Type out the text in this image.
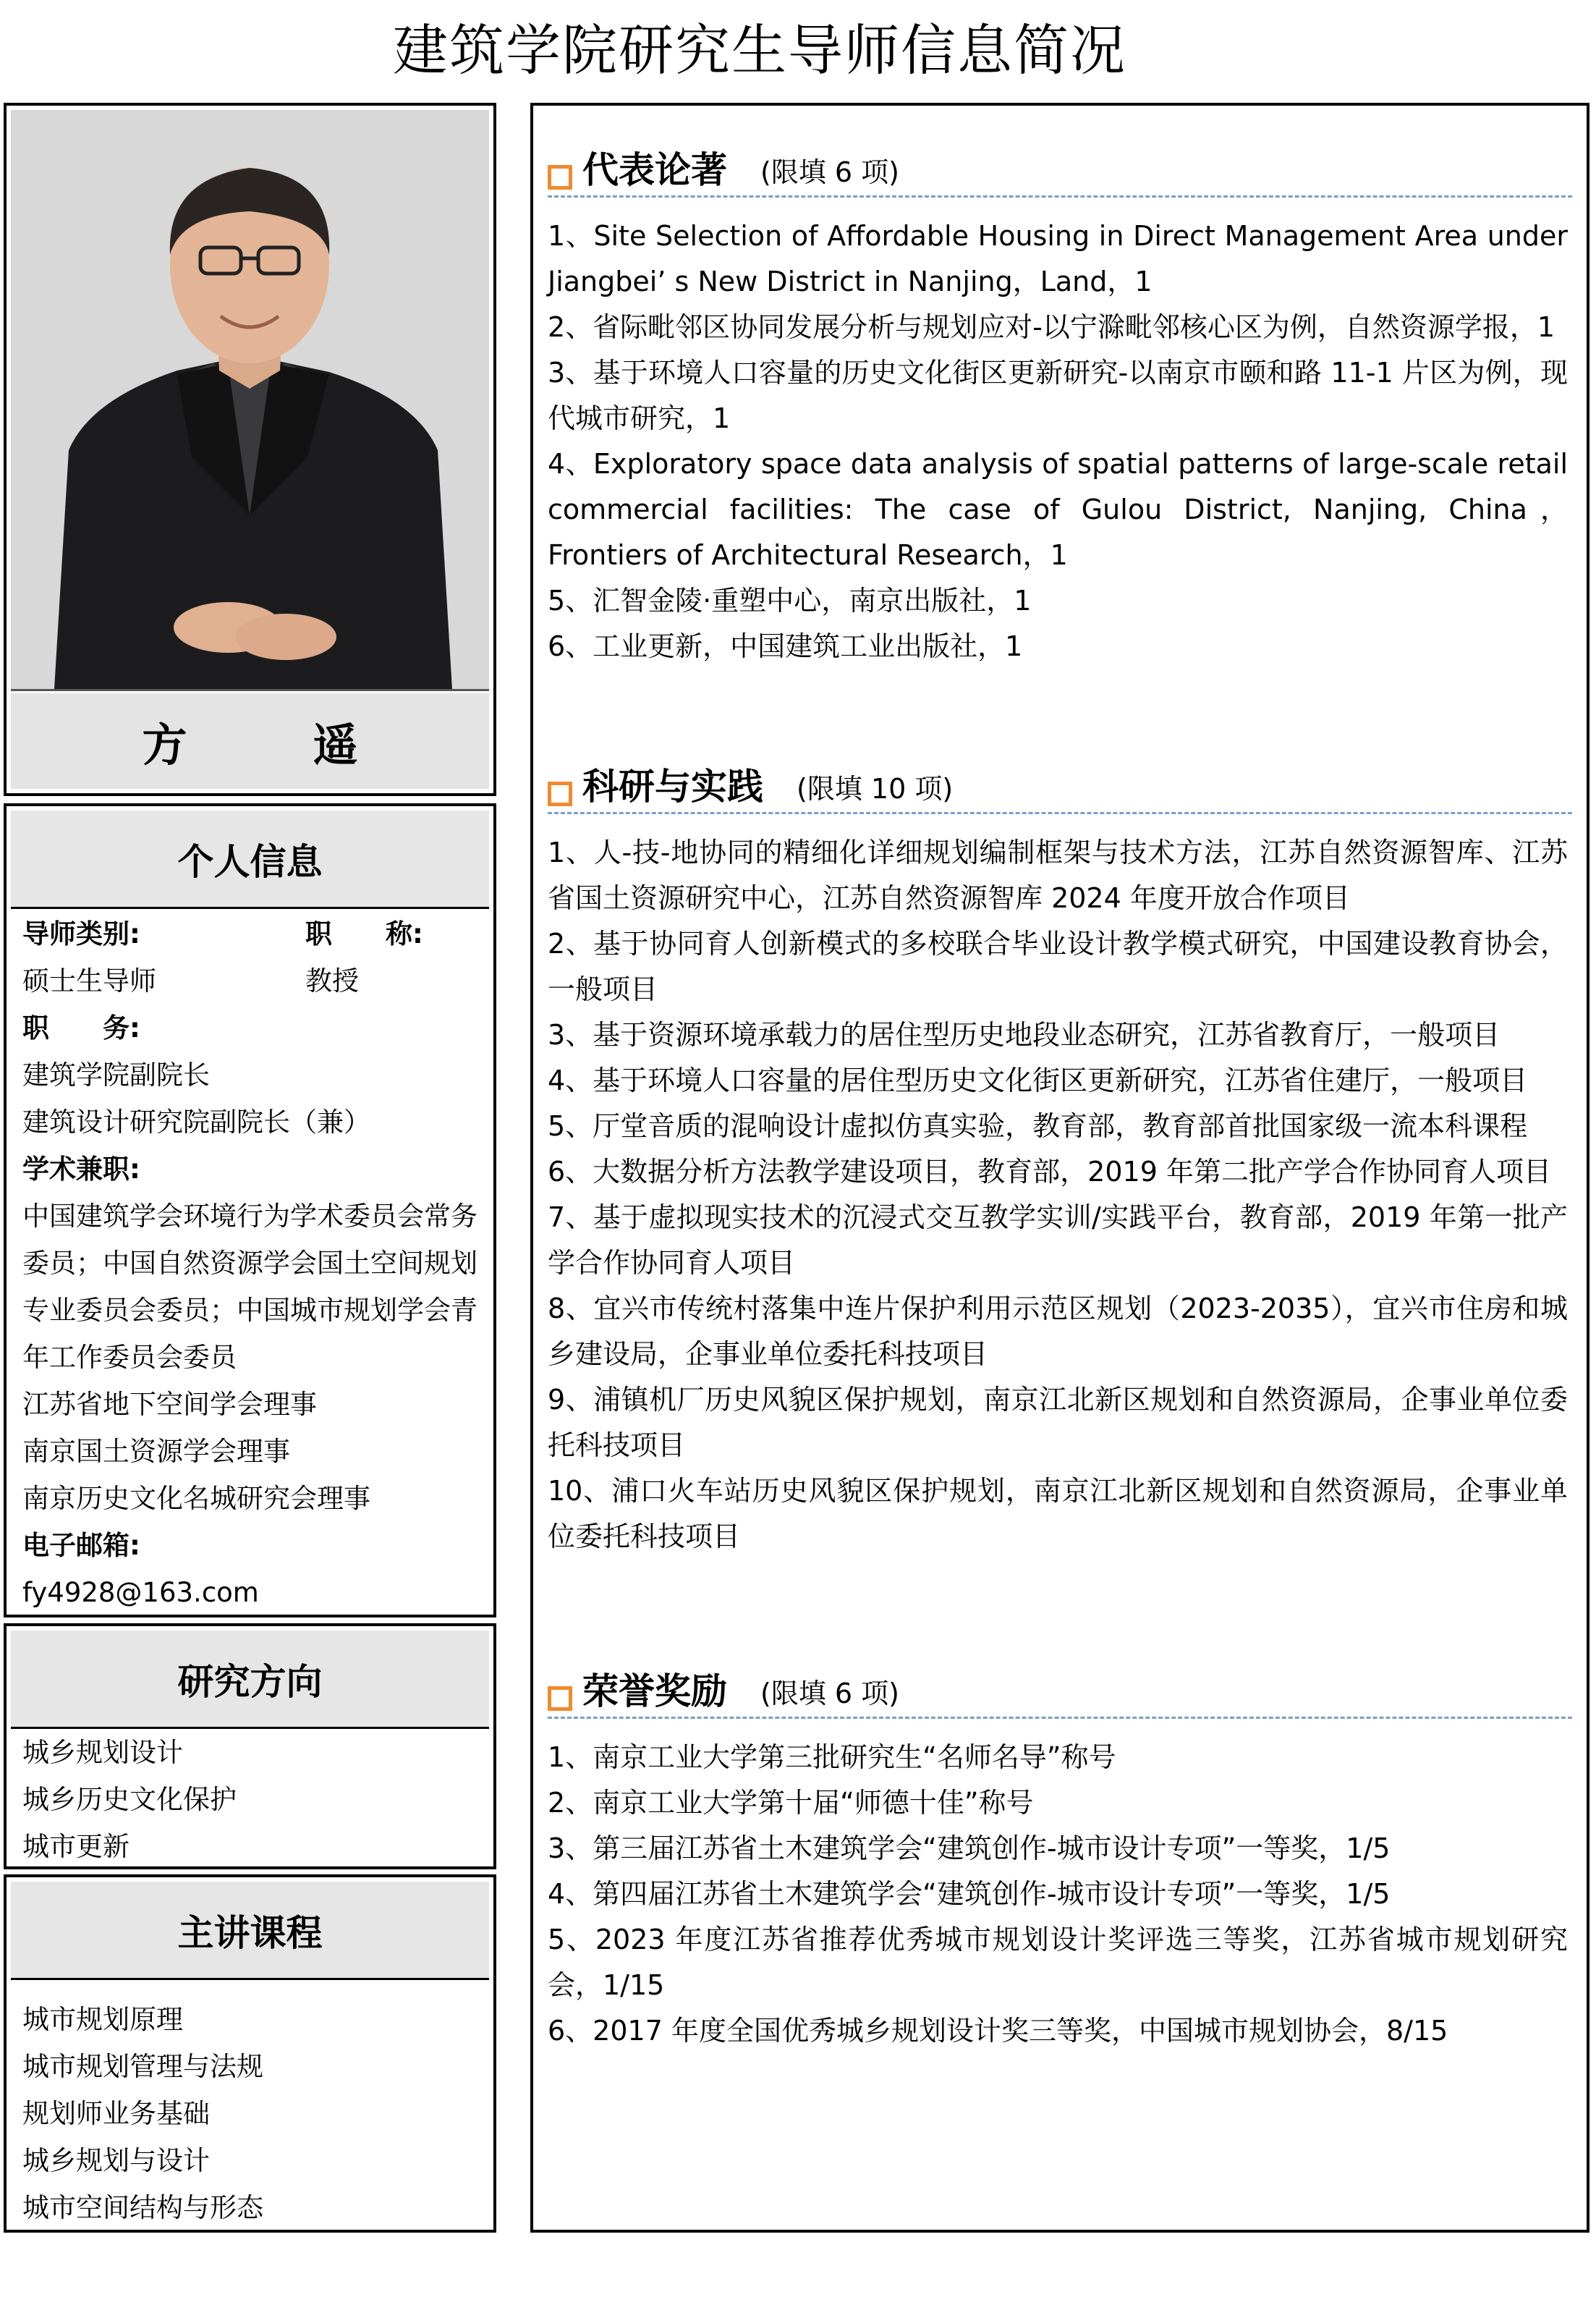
建筑学院研究生导师信息简况
方　遥
个人信息
导师类别:	职　　称:
硕士生导师	教授
职　　务:
建筑学院副院长
建筑设计研究院副院长（兼）
学术兼职:
中国建筑学会环境行为学术委员会常务委员；中国自然资源学会国土空间规划专业委员会委员；中国城市规划学会青年工作委员会委员
江苏省地下空间学会理事
南京国土资源学会理事
南京历史文化名城研究会理事
电子邮箱:
fy4928@163.com
研究方向
城乡规划设计
城乡历史文化保护
城市更新
主讲课程
城市规划原理
城市规划管理与法规
规划师业务基础
城乡规划与设计
城市空间结构与形态
代表论著 (限填 6 项)
1、Site Selection of Affordable Housing in Direct Management Area under Jiangbei’ s New District in Nanjing，Land，1
2、省际毗邻区协同发展分析与规划应对-以宁滁毗邻核心区为例，自然资源学报，1
3、基于环境人口容量的历史文化街区更新研究-以南京市颐和路 11-1 片区为例，现代城市研究，1
4、Exploratory space data analysis of spatial patterns of large-scale retail commercial facilities: The case of Gulou District, Nanjing, China，Frontiers of Architectural Research，1
5、汇智金陵·重塑中心，南京出版社，1
6、工业更新，中国建筑工业出版社，1
科研与实践 (限填 10 项)
1、人-技-地协同的精细化详细规划编制框架与技术方法，江苏自然资源智库、江苏省国土资源研究中心，江苏自然资源智库 2024 年度开放合作项目
2、基于协同育人创新模式的多校联合毕业设计教学模式研究，中国建设教育协会，一般项目
3、基于资源环境承载力的居住型历史地段业态研究，江苏省教育厅，一般项目
4、基于环境人口容量的居住型历史文化街区更新研究，江苏省住建厅，一般项目
5、厅堂音质的混响设计虚拟仿真实验，教育部，教育部首批国家级一流本科课程
6、大数据分析方法教学建设项目，教育部，2019 年第二批产学合作协同育人项目
7、基于虚拟现实技术的沉浸式交互教学实训/实践平台，教育部，2019 年第一批产学合作协同育人项目
8、宜兴市传统村落集中连片保护利用示范区规划（2023-2035），宜兴市住房和城乡建设局，企事业单位委托科技项目
9、浦镇机厂历史风貌区保护规划，南京江北新区规划和自然资源局，企事业单位委托科技项目
10、浦口火车站历史风貌区保护规划，南京江北新区规划和自然资源局，企事业单位委托科技项目
荣誉奖励 (限填 6 项)
1、南京工业大学第三批研究生“名师名导”称号
2、南京工业大学第十届“师德十佳”称号
3、第三届江苏省土木建筑学会“建筑创作-城市设计专项”一等奖，1/5
4、第四届江苏省土木建筑学会“建筑创作-城市设计专项”一等奖，1/5
5、2023 年度江苏省推荐优秀城市规划设计奖评选三等奖，江苏省城市规划研究会，1/15
6、2017 年度全国优秀城乡规划设计奖三等奖，中国城市规划协会，8/15
